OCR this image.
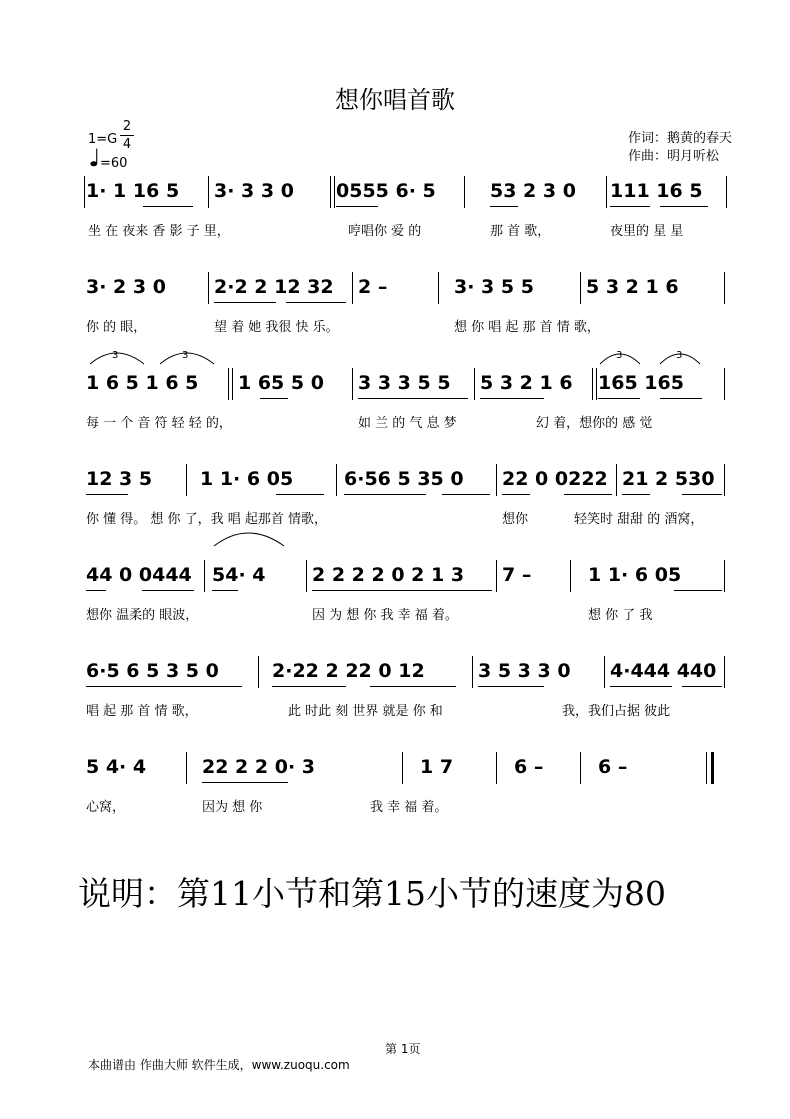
想你唱首歌
1=G
2
4
=60
作词：鹅黄的春天
作曲：明月听松
1· 1 16 5 3· 3 3 0 0555 6· 5	53 2 3 0 111 16 5
坐 在 夜来 香 影 子 里，	哼唱你 爱 的	那 首 歌，	夜里的 星 星
3· 2 3 0	2·2 2 12 32 2 –	3· 3 5 5	5 3 2 1 6
你 的 眼，	望 着 她 我很 快 乐。	想 你 唱 起 那 首 情 歌，
3	3
1 6 5 1 6 5 1 65 5 0 3 3 3 5 5 5 3 2 1 6
3	3
165 165
每 一 个 音 符 轻 轻 的，	如 兰 的 气 息 梦	幻 着，想你的 感 觉
12 3 5	1 1· 6 05	6·56 5 35 0 22 0 0222 21 2 530
你 懂 得。 想 你 了，我 唱 起那首 情歌，	想你	轻笑时 甜甜 的 酒窝，
44 0 0444 54· 4 2 2 2 2 0 2 1 3 7 –	1 1· 6 05
想你 温柔的 眼波，	因 为 想 你 我 幸 福 着。	想 你 了 我
6·5 6 5 3 5 0	2·22 2 22 0 12	3 5 3 3 0 4·444 440
唱 起 那 首 情 歌，	此 时此 刻 世界 就是 你 和	我，我们占据 彼此
5 4· 4	22 2 2 0· 3	1 7	6 –	6 –
心窝，	因为 想 你	我 幸 福 着。
说明：第11小节和第15小节的速度为80
第 1页
本曲谱由 作曲大师 软件生成，www.zuoqu.com
